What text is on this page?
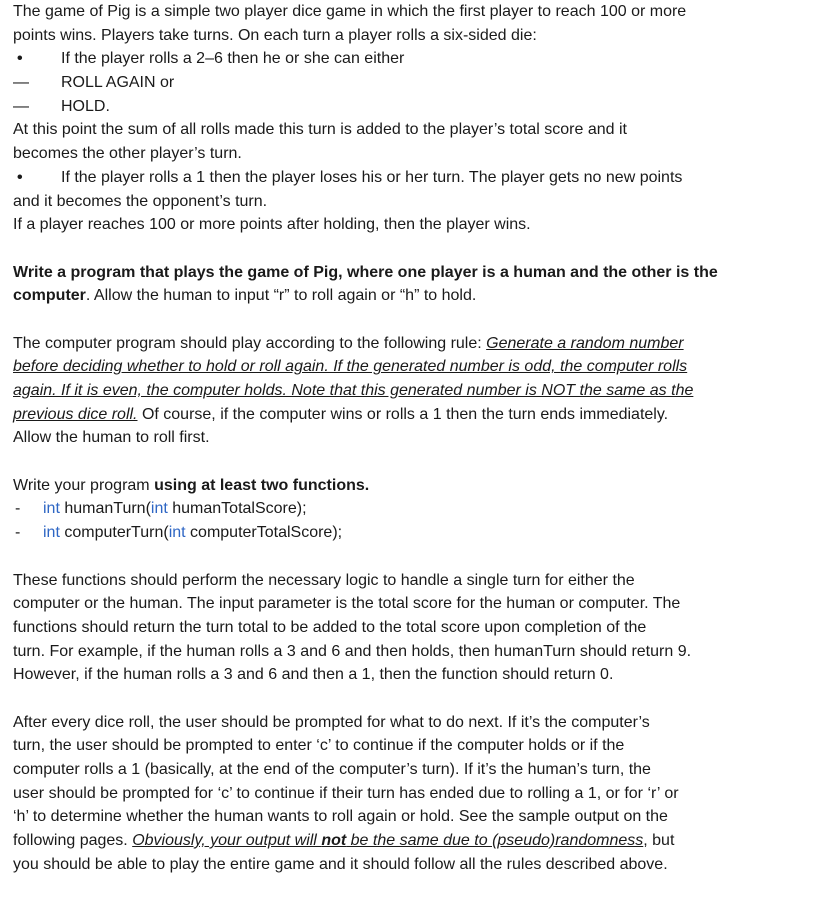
The game of Pig is a simple two player dice game in which the first player to reach 100 or more
points wins. Players take turns. On each turn a player rolls a six-sided die:
• If the player rolls a 2–6 then he or she can either
— ROLL AGAIN or
— HOLD.
At this point the sum of all rolls made this turn is added to the player’s total score and it
becomes the other player’s turn.
• If the player rolls a 1 then the player loses his or her turn. The player gets no new points
and it becomes the opponent’s turn.
If a player reaches 100 or more points after holding, then the player wins.
Write a program that plays the game of Pig, where one player is a human and the other is the
computer. Allow the human to input “r” to roll again or “h” to hold.
The computer program should play according to the following rule: Generate a random number
before deciding whether to hold or roll again. If the generated number is odd, the computer rolls
again. If it is even, the computer holds. Note that this generated number is NOT the same as the
previous dice roll. Of course, if the computer wins or rolls a 1 then the turn ends immediately.
Allow the human to roll first.
Write your program using at least two functions.
- int humanTurn(int humanTotalScore);
- int computerTurn(int computerTotalScore);
These functions should perform the necessary logic to handle a single turn for either the
computer or the human. The input parameter is the total score for the human or computer. The
functions should return the turn total to be added to the total score upon completion of the
turn. For example, if the human rolls a 3 and 6 and then holds, then humanTurn should return 9.
However, if the human rolls a 3 and 6 and then a 1, then the function should return 0.
After every dice roll, the user should be prompted for what to do next. If it’s the computer’s
turn, the user should be prompted to enter ‘c’ to continue if the computer holds or if the
computer rolls a 1 (basically, at the end of the computer’s turn). If it’s the human’s turn, the
user should be prompted for ‘c’ to continue if their turn has ended due to rolling a 1, or for ‘r’ or
‘h’ to determine whether the human wants to roll again or hold. See the sample output on the
following pages. Obviously, your output will not be the same due to (pseudo)randomness, but
you should be able to play the entire game and it should follow all the rules described above.
